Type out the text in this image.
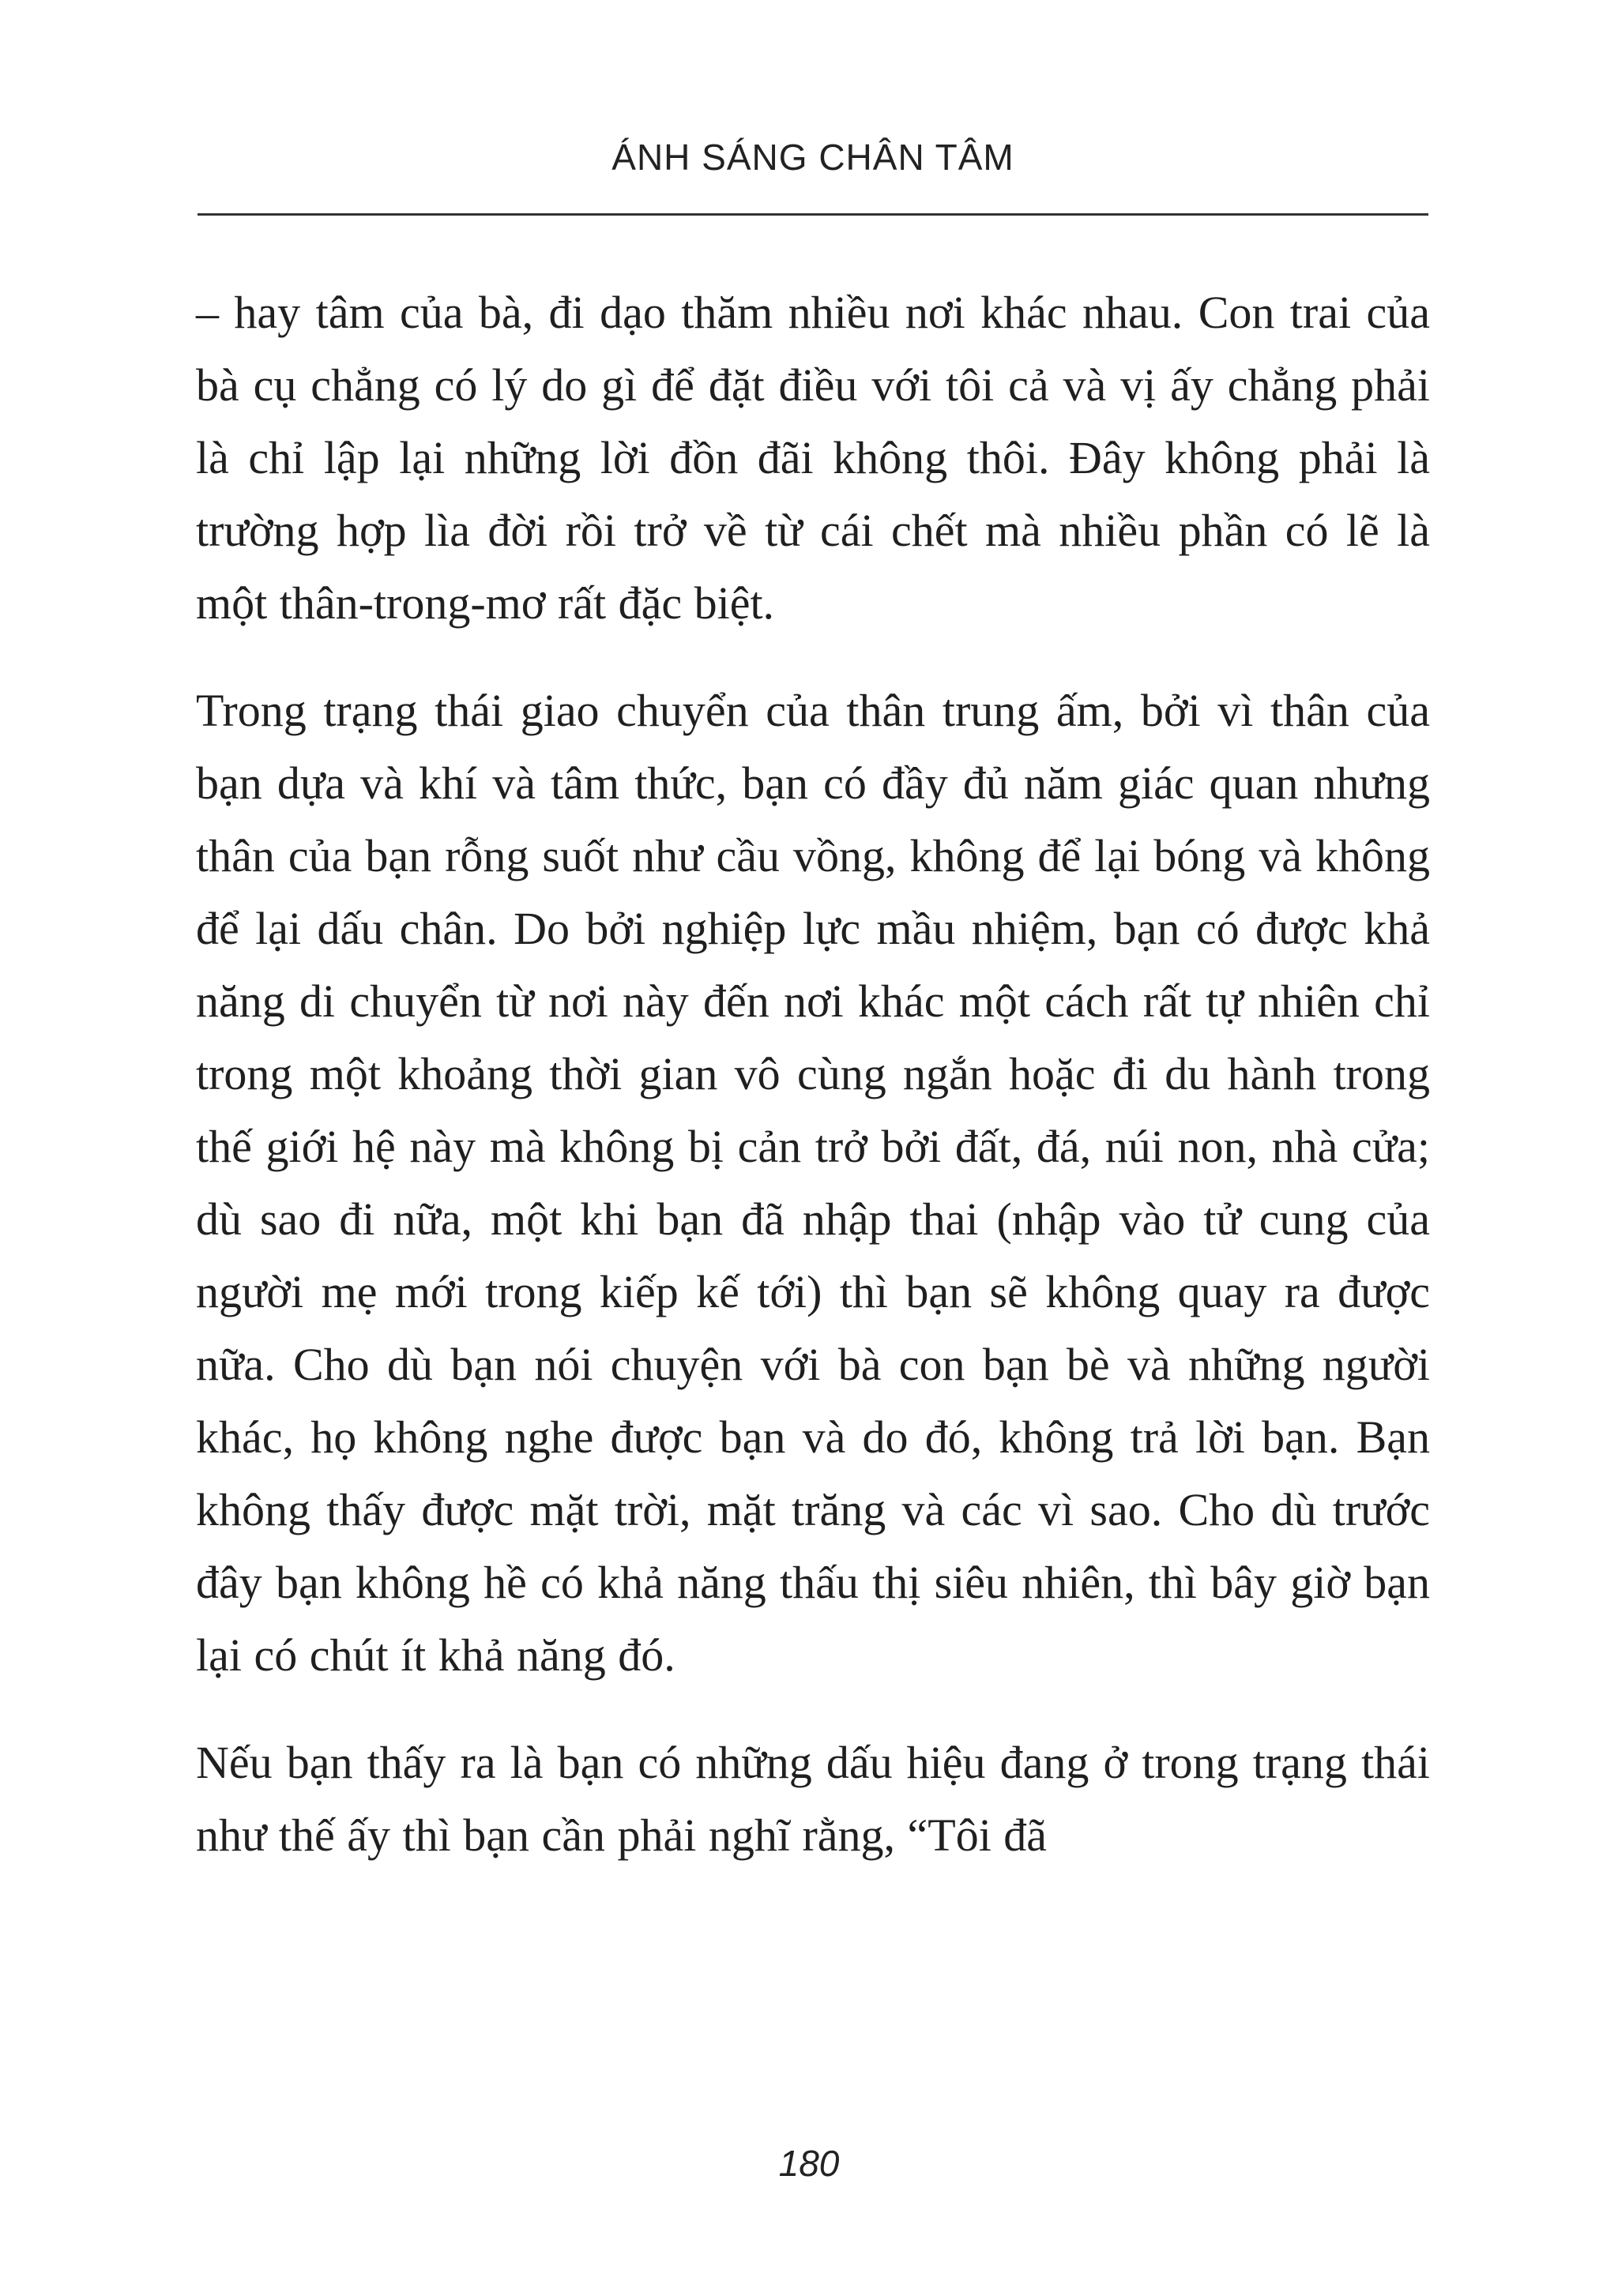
ÁNH SÁNG CHÂN TÂM

– hay tâm của bà, đi dạo thăm nhiều nơi khác nhau. Con trai của bà cụ chẳng có lý do gì để đặt điều với tôi cả và vị ấy chẳng phải là chỉ lập lại những lời đồn đãi không thôi. Đây không phải là trường hợp lìa đời rồi trở về từ cái chết mà nhiều phần có lẽ là một thân-trong-mơ rất đặc biệt.

Trong trạng thái giao chuyển của thân trung ấm, bởi vì thân của bạn dựa và khí và tâm thức, bạn có đầy đủ năm giác quan nhưng thân của bạn rỗng suốt như cầu vồng, không để lại bóng và không để lại dấu chân. Do bởi nghiệp lực mầu nhiệm, bạn có được khả năng di chuyển từ nơi này đến nơi khác một cách rất tự nhiên chỉ trong một khoảng thời gian vô cùng ngắn hoặc đi du hành trong thế giới hệ này mà không bị cản trở bởi đất, đá, núi non, nhà cửa; dù sao đi nữa, một khi bạn đã nhập thai (nhập vào tử cung của người mẹ mới trong kiếp kế tới) thì bạn sẽ không quay ra được nữa. Cho dù bạn nói chuyện với bà con bạn bè và những người khác, họ không nghe được bạn và do đó, không trả lời bạn. Bạn không thấy được mặt trời, mặt trăng và các vì sao. Cho dù trước đây bạn không hề có khả năng thấu thị siêu nhiên, thì bây giờ bạn lại có chút ít khả năng đó.

Nếu bạn thấy ra là bạn có những dấu hiệu đang ở trong trạng thái như thế ấy thì bạn cần phải nghĩ rằng, “Tôi đã

180
